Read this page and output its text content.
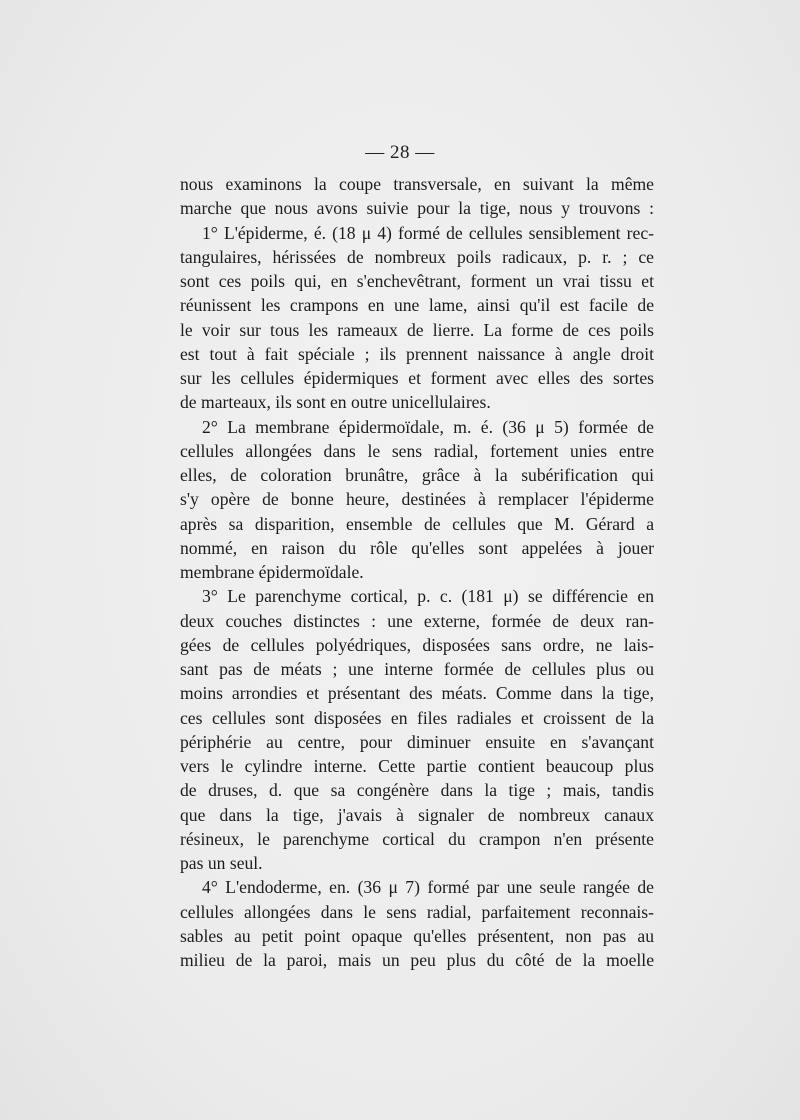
— 28 —
nous examinons la coupe transversale, en suivant la même
marche que nous avons suivie pour la tige, nous y trouvons :
1° L'épiderme, é. (18 μ 4) formé de cellules sensiblement rec-
tangulaires, hérissées de nombreux poils radicaux, p. r. ; ce
sont ces poils qui, en s'enchevêtrant, forment un vrai tissu et
réunissent les crampons en une lame, ainsi qu'il est facile de
le voir sur tous les rameaux de lierre. La forme de ces poils
est tout à fait spéciale ; ils prennent naissance à angle droit
sur les cellules épidermiques et forment avec elles des sortes
de marteaux, ils sont en outre unicellulaires.
2° La membrane épidermoïdale, m. é. (36 μ 5) formée de
cellules allongées dans le sens radial, fortement unies entre
elles, de coloration brunâtre, grâce à la subérification qui
s'y opère de bonne heure, destinées à remplacer l'épiderme
après sa disparition, ensemble de cellules que M. Gérard a
nommé, en raison du rôle qu'elles sont appelées à jouer
membrane épidermoïdale.
3° Le parenchyme cortical, p. c. (181 μ) se différencie en
deux couches distinctes : une externe, formée de deux ran-
gées de cellules polyédriques, disposées sans ordre, ne lais-
sant pas de méats ; une interne formée de cellules plus ou
moins arrondies et présentant des méats. Comme dans la tige,
ces cellules sont disposées en files radiales et croissent de la
périphérie au centre, pour diminuer ensuite en s'avançant
vers le cylindre interne. Cette partie contient beaucoup plus
de druses, d. que sa congénère dans la tige ; mais, tandis
que dans la tige, j'avais à signaler de nombreux canaux
résineux, le parenchyme cortical du crampon n'en présente
pas un seul.
4° L'endoderme, en. (36 μ 7) formé par une seule rangée de
cellules allongées dans le sens radial, parfaitement reconnais-
sables au petit point opaque qu'elles présentent, non pas au
milieu de la paroi, mais un peu plus du côté de la moelle
